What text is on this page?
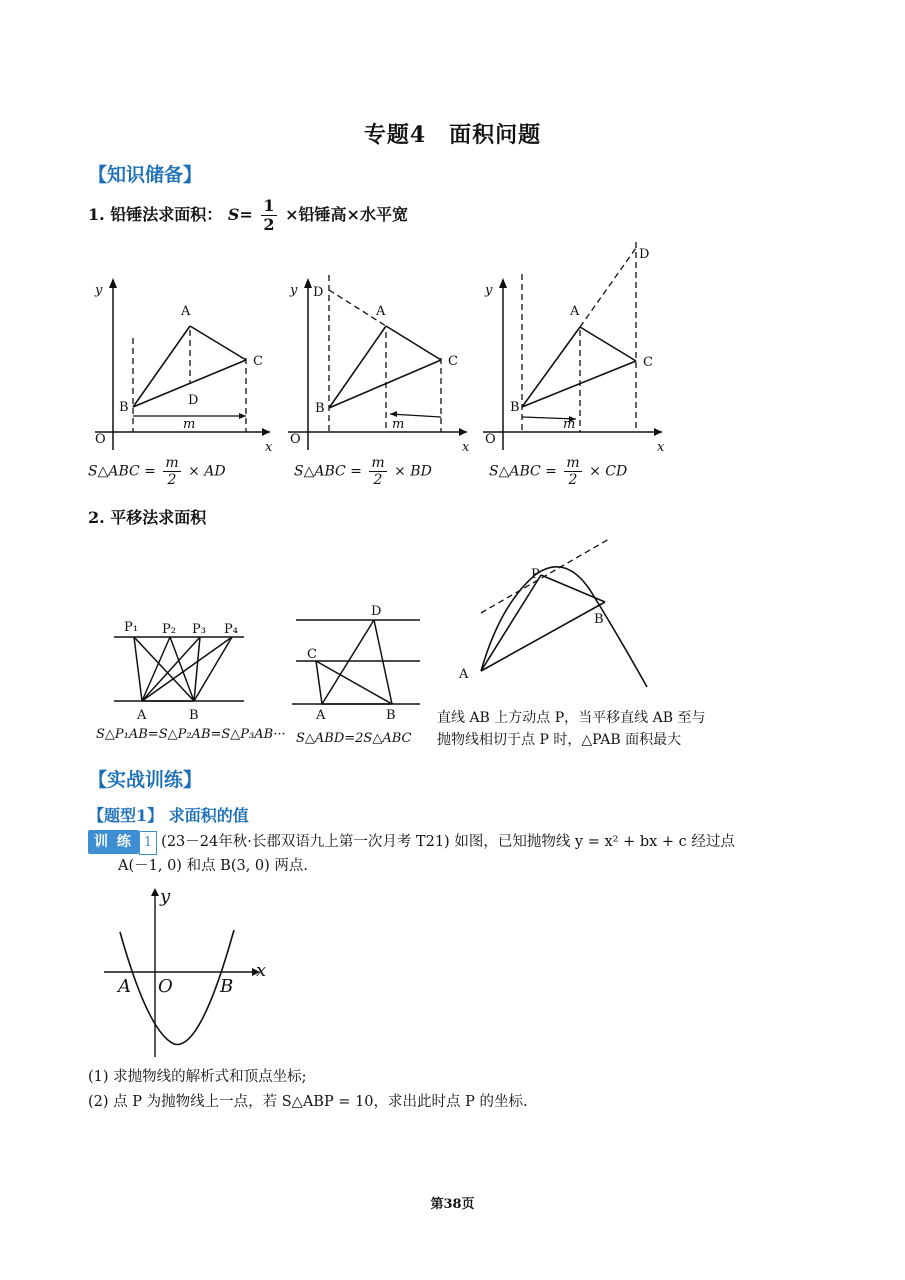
专题4　面积问题
【知识储备】
1. 铅锤法求面积： $S= \frac{1}{2}$ ×铅锤高×水平宽
A
B
C
D
O
x
y
m
D
A
B
C
O
x
y
m
D
A
B
C
O
x
y
m
S△ABC = $\frac{m}{2}$ × AD	S△ABC = $\frac{m}{2}$ × BD	S△ABC = $\frac{m}{2}$ × CD
2. 平移法求面积
P₁ P₂ P₃ P₄
A	B
D
C
A	B
P
B
A
S△P₁AB=S△P₂AB=S△P₃AB··· S△ABD=2S△ABC
直线 AB 上方动点 P，当平移直线 AB 至与
抛物线相切于点 P 时，△PAB 面积最大
【实战训练】
【题型1】 求面积的值
训 练 1 (23－24年秋·长郡双语九上第一次月考 T21) 如图，已知抛物线 y = x² + bx + c 经过点
A(－1, 0) 和点 B(3, 0) 两点.
y
x
A O	B
(1) 求抛物线的解析式和顶点坐标;
(2) 点 P 为抛物线上一点，若 S△ABP = 10，求出此时点 P 的坐标.
第38页
